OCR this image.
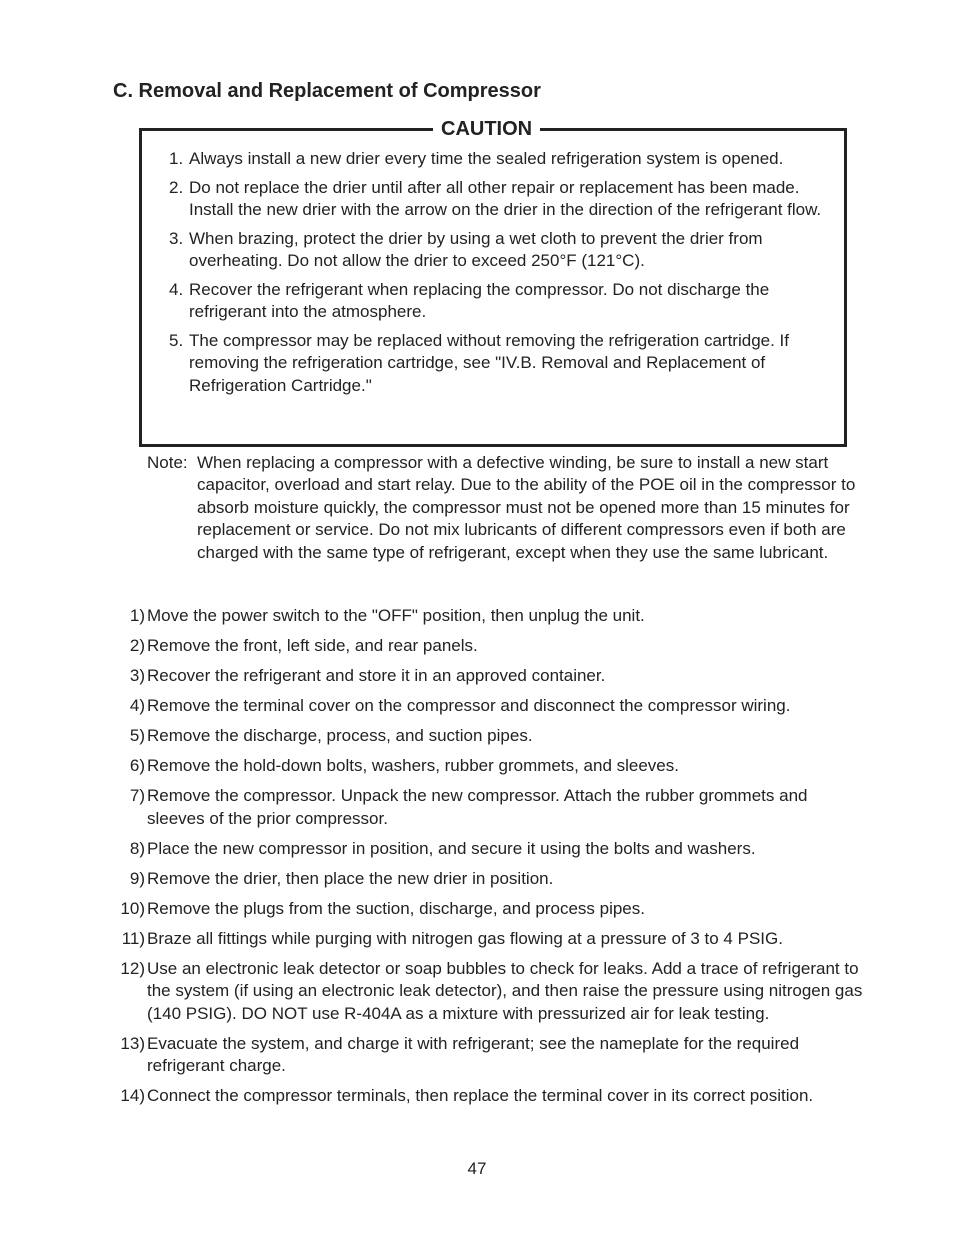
C. Removal and Replacement of Compressor
CAUTION
1. Always install a new drier every time the sealed refrigeration system is opened.
2. Do not replace the drier until after all other repair or replacement has been made. Install the new drier with the arrow on the drier in the direction of the refrigerant flow.
3. When brazing, protect the drier by using a wet cloth to prevent the drier from overheating. Do not allow the drier to exceed 250°F (121°C).
4. Recover the refrigerant when replacing the compressor. Do not discharge the refrigerant into the atmosphere.
5. The compressor may be replaced without removing the refrigeration cartridge. If removing the refrigeration cartridge, see "IV.B. Removal and Replacement of Refrigeration Cartridge."
Note: When replacing a compressor with a defective winding, be sure to install a new start capacitor, overload and start relay. Due to the ability of the POE oil in the compressor to absorb moisture quickly, the compressor must not be opened more than 15 minutes for replacement or service. Do not mix lubricants of different compressors even if both are charged with the same type of refrigerant, except when they use the same lubricant.
1) Move the power switch to the "OFF" position, then unplug the unit.
2) Remove the front, left side, and rear panels.
3) Recover the refrigerant and store it in an approved container.
4) Remove the terminal cover on the compressor and disconnect the compressor wiring.
5) Remove the discharge, process, and suction pipes.
6) Remove the hold-down bolts, washers, rubber grommets, and sleeves.
7) Remove the compressor. Unpack the new compressor. Attach the rubber grommets and sleeves of the prior compressor.
8) Place the new compressor in position, and secure it using the bolts and washers.
9) Remove the drier, then place the new drier in position.
10) Remove the plugs from the suction, discharge, and process pipes.
11) Braze all fittings while purging with nitrogen gas flowing at a pressure of 3 to 4 PSIG.
12) Use an electronic leak detector or soap bubbles to check for leaks. Add a trace of refrigerant to the system (if using an electronic leak detector), and then raise the pressure using nitrogen gas (140 PSIG). DO NOT use R-404A as a mixture with pressurized air for leak testing.
13) Evacuate the system, and charge it with refrigerant; see the nameplate for the required refrigerant charge.
14) Connect the compressor terminals, then replace the terminal cover in its correct position.
47
